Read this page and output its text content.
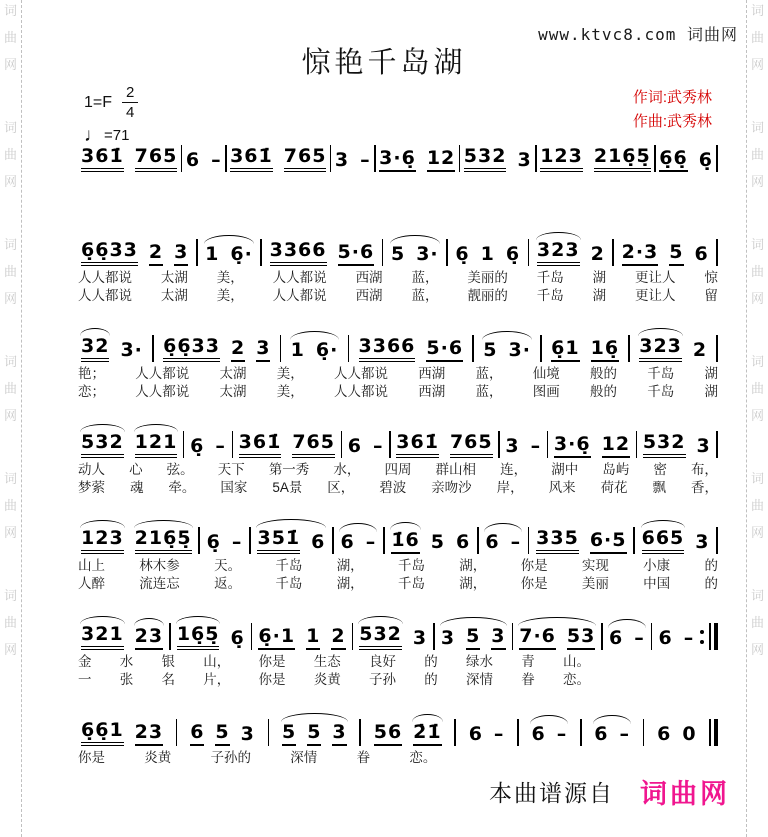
词
曲
网
词
曲
网
词
曲
网
词
曲
网
词
曲
网
词
曲
网
词
曲
网
词
曲
网
词
曲
网
词
曲
网
词
曲
网
词
曲
网
www.ktvc8.com 词曲网
惊艳千岛湖
$1=F \frac{2}{4}$
♩ =71
作词:武秀林
作曲:武秀林
361̇ 765 6 – 361̇ 765 3 – 3·6̣ 12 532 3 123 216̣5̣ 6̣6̣ 6̣
6̣6̣33 2 3 1 6̣· 3366 5·6 5 3· 6̣ 1 6̣ 323 2 2·3 5 6
人人都说 太湖 美， 人人都说 西湖 蓝， 美丽的 千岛 湖 更让人 惊
人人都说 太湖 美， 人人都说 西湖 蓝， 靓丽的 千岛 湖 更让人 留
32 3· 6̣6̣33 2 3 1 6̣· 3366 5·6 5 3· 6̣1 16̣ 323 2
艳； 人人都说 太湖 美， 人人都说 西湖 蓝， 仙境 般的 千岛 湖
恋； 人人都说 太湖 美， 人人都说 西湖 蓝， 图画 般的 千岛 湖
532 121 6̣ – 361̇ 765 6 – 361̇ 765 3 – 3·6̣ 12 532 3
动人 心 弦。 天下 第一秀 水， 四周 群山相 连， 湖中 岛屿 密 布，
梦萦 魂 牵。 国家 5A景 区， 碧波 亲吻沙 岸， 风来 荷花 飘 香，
123 216̣5̣ 6̣ – 351̇ 6 6 – 1̇6 5 6 6 – 335 6·5 665 3
山上	林木参	天。	千岛	湖，	千岛	湖，	你是	实现	小康	的
人醉	流连忘	返。	千岛	湖，	千岛	湖，	你是	美丽	中国	的
321 23 16̣5̣ 6̣ 6̣·1 1 2 532 3 3 5 3 7·6 53 6 – 6 –
金 水 银 山， 你是 生态 良好 的 绿水 青 山。
一 张 名 片， 你是 炎黄 子孙 的 深情 眷 恋。
6̣6̣1 23 6 5 3 5 5 3 56 2̇1̇ 6 – 6 – 6 – 6 0
你是	炎黄	子孙的	深情	眷	恋。
本曲谱源自 词曲网
